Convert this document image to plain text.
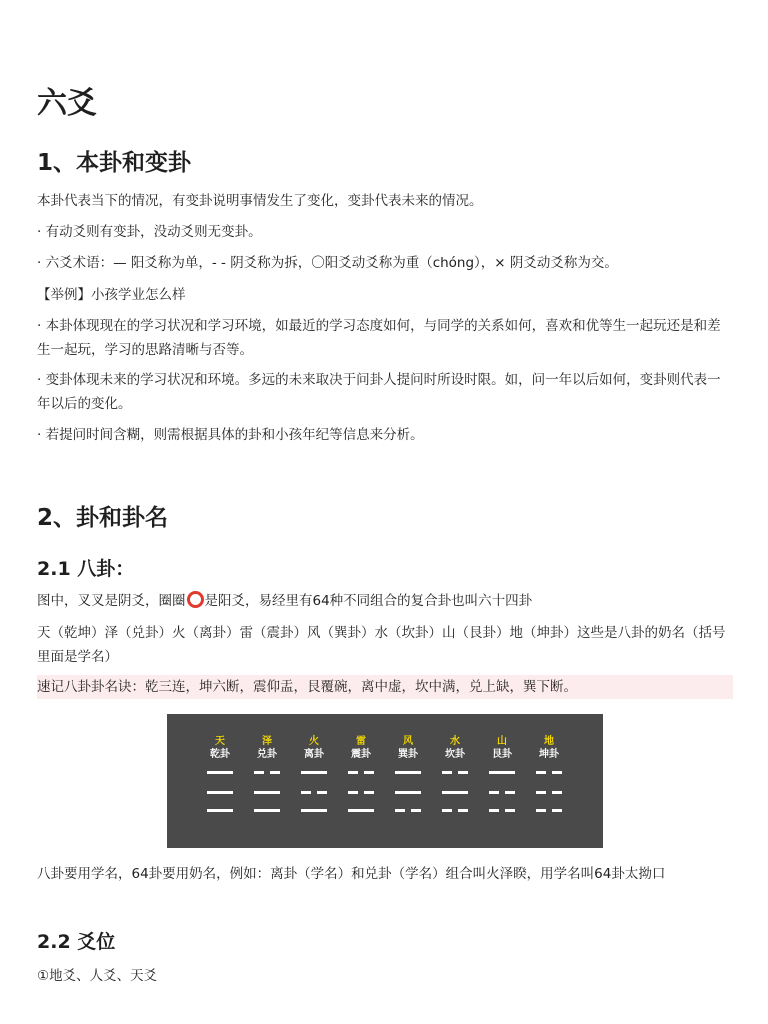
六爻
1、本卦和变卦

本卦代表当下的情况，有变卦说明事情发生了变化，变卦代表未来的情况。

· 有动爻则有变卦，没动爻则无变卦。

· 六爻术语：— 阳爻称为单，- - 阴爻称为拆，〇阳爻动爻称为重（chóng），× 阴爻动爻称为交。

【举例】小孩学业怎么样

· 本卦体现现在的学习状况和学习环境，如最近的学习态度如何，与同学的关系如何，喜欢和优等生一起玩还是和差生一起玩，学习的思路清晰与否等。

· 变卦体现未来的学习状况和环境。多远的未来取决于问卦人提问时所设时限。如，问一年以后如何，变卦则代表一年以后的变化。

· 若提问时间含糊，则需根据具体的卦和小孩年纪等信息来分析。

2、卦和卦名
2.1 八卦：

图中，叉叉是阴爻，圈圈 是阳爻，易经里有64种不同组合的复合卦也叫六十四卦

天（乾坤）泽（兑卦）火（离卦）雷（震卦）风（巽卦）水（坎卦）山（艮卦）地（坤卦）这些是八卦的奶名（括号里面是学名）

速记八卦卦名诀：乾三连，坤六断，震仰盂，艮覆碗，离中虚，坎中满，兑上缺，巽下断。

天
乾卦
泽
兑卦
火
离卦
雷
震卦
风
巽卦
水
坎卦
山
艮卦
地
坤卦

八卦要用学名，64卦要用奶名，例如：离卦（学名）和兑卦（学名）组合叫火泽睽，用学名叫64卦太拗口

2.2 爻位

①地爻、人爻、天爻
